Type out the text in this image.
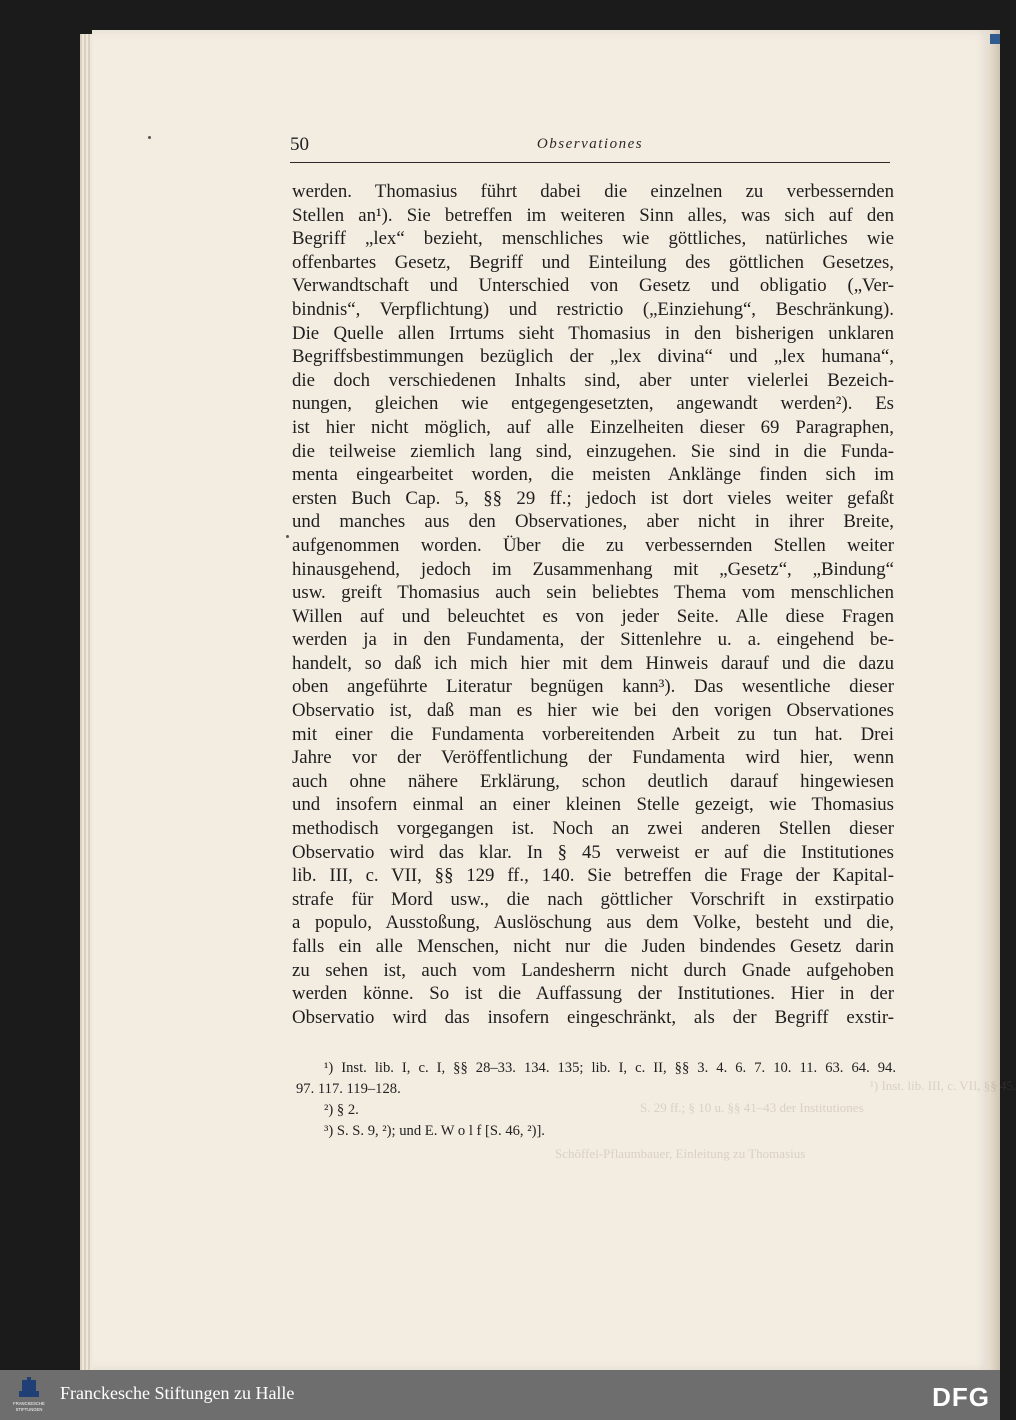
¹) Inst. lib. III, c. VII, §§ 45.
S. 29 ff.; § 10 u. §§ 41–43 der Institutiones
Schöffel-Pflaumbauer, Einleitung zu Thomasius
50	Observationes
werden. Thomasius führt dabei die einzelnen zu verbessernden
Stellen an¹). Sie betreffen im weiteren Sinn alles, was sich auf den
Begriff „lex“ bezieht, menschliches wie göttliches, natürliches wie
offenbartes Gesetz, Begriff und Einteilung des göttlichen Gesetzes,
Verwandtschaft und Unterschied von Gesetz und obligatio („Ver-
bindnis“, Verpflichtung) und restrictio („Einziehung“, Beschränkung).
Die Quelle allen Irrtums sieht Thomasius in den bisherigen unklaren
Begriffsbestimmungen bezüglich der „lex divina“ und „lex humana“,
die doch verschiedenen Inhalts sind, aber unter vielerlei Bezeich-
nungen, gleichen wie entgegengesetzten, angewandt werden²). Es
ist hier nicht möglich, auf alle Einzelheiten dieser 69 Paragraphen,
die teilweise ziemlich lang sind, einzugehen. Sie sind in die Funda-
menta eingearbeitet worden, die meisten Anklänge finden sich im
ersten Buch Cap. 5, §§ 29 ff.; jedoch ist dort vieles weiter gefaßt
und manches aus den Observationes, aber nicht in ihrer Breite,
aufgenommen worden. Über die zu verbessernden Stellen weiter
hinausgehend, jedoch im Zusammenhang mit „Gesetz“, „Bindung“
usw. greift Thomasius auch sein beliebtes Thema vom menschlichen
Willen auf und beleuchtet es von jeder Seite. Alle diese Fragen
werden ja in den Fundamenta, der Sittenlehre u. a. eingehend be-
handelt, so daß ich mich hier mit dem Hinweis darauf und die dazu
oben angeführte Literatur begnügen kann³). Das wesentliche dieser
Observatio ist, daß man es hier wie bei den vorigen Observationes
mit einer die Fundamenta vorbereitenden Arbeit zu tun hat. Drei
Jahre vor der Veröffentlichung der Fundamenta wird hier, wenn
auch ohne nähere Erklärung, schon deutlich darauf hingewiesen
und insofern einmal an einer kleinen Stelle gezeigt, wie Thomasius
methodisch vorgegangen ist. Noch an zwei anderen Stellen dieser
Observatio wird das klar. In § 45 verweist er auf die Institutiones
lib. III, c. VII, §§ 129 ff., 140. Sie betreffen die Frage der Kapital-
strafe für Mord usw., die nach göttlicher Vorschrift in exstirpatio
a populo, Ausstoßung, Auslöschung aus dem Volke, besteht und die,
falls ein alle Menschen, nicht nur die Juden bindendes Gesetz darin
zu sehen ist, auch vom Landesherrn nicht durch Gnade aufgehoben
werden könne. So ist die Auffassung der Institutiones. Hier in der
Observatio wird das insofern eingeschränkt, als der Begriff exstir-
¹) Inst. lib. I, c. I, §§ 28–33. 134. 135; lib. I, c. II, §§ 3. 4. 6. 7. 10. 11. 63. 64. 94.
97. 117. 119–128.
²) § 2.
³) S. S. 9, ²); und E. W o l f [S. 46, ²)].
FRANCKESCHE
STIFTUNGEN
Franckesche Stiftungen zu Halle	DFG
